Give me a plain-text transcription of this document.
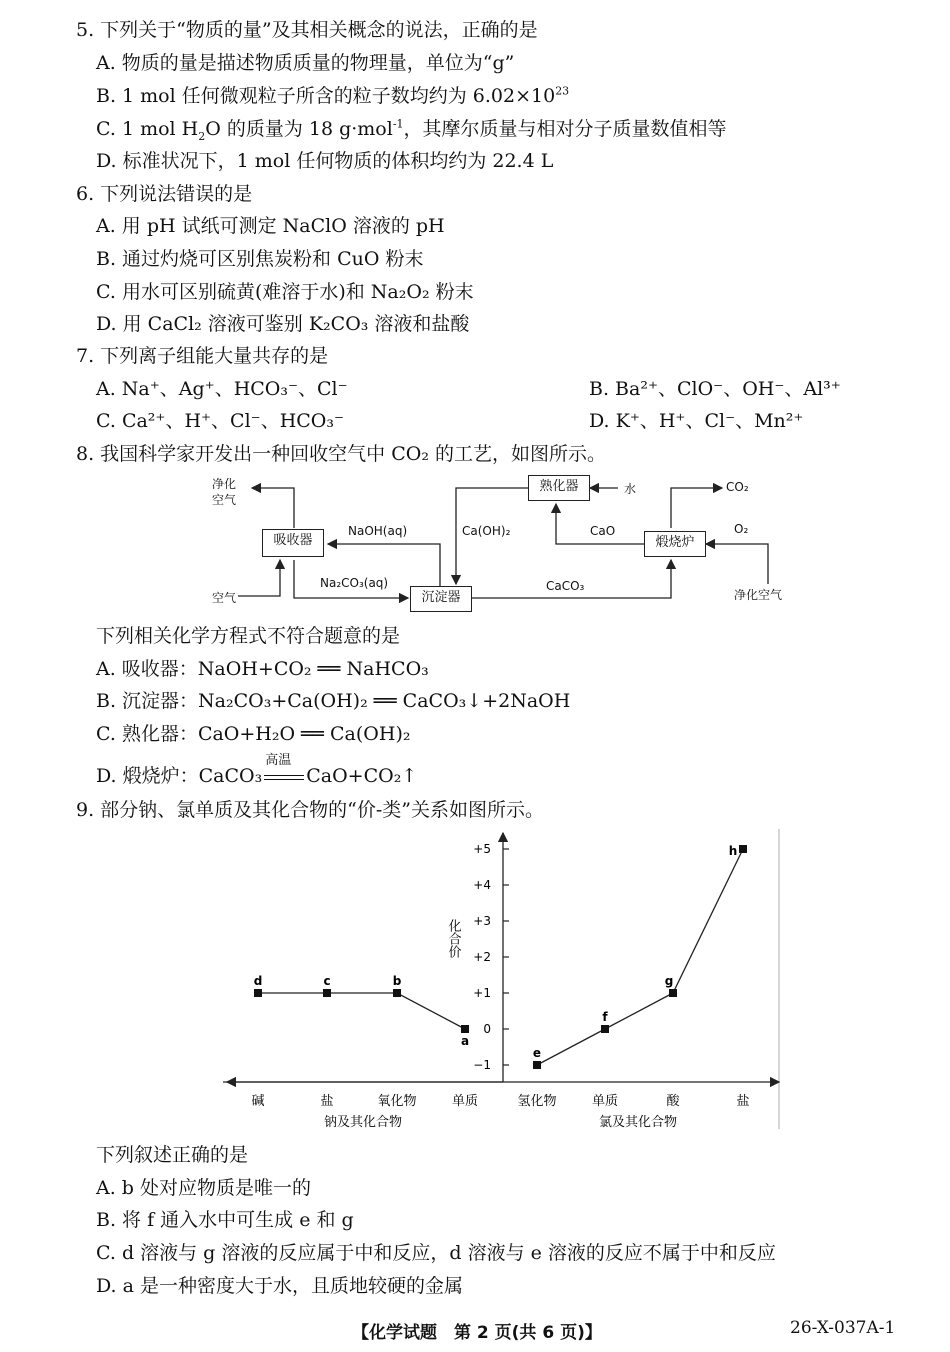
5. 下列关于“物质的量”及其相关概念的说法，正确的是
A. 物质的量是描述物质质量的物理量，单位为“g”
B. 1 mol 任何微观粒子所含的粒子数均约为 $6.02\times 10^{23}$
C. 1 mol $H_2O$ 的质量为 18 g·mol$^{-1}$，其摩尔质量与相对分子质量数值相等
D. 标准状况下，1 mol 任何物质的体积均约为 22.4 L
6. 下列说法错误的是
A. 用 pH 试纸可测定 NaClO 溶液的 pH
B. 通过灼烧可区别焦炭粉和 CuO 粉末
C. 用水可区别硫黄(难溶于水)和 Na₂O₂ 粉末
D. 用 CaCl₂ 溶液可鉴别 K₂CO₃ 溶液和盐酸
7. 下列离子组能大量共存的是
A. Na⁺、Ag⁺、HCO₃⁻、Cl⁻	B. Ba²⁺、ClO⁻、OH⁻、Al³⁺
C. Ca²⁺、H⁺、Cl⁻、HCO₃⁻	D. K⁺、H⁺、Cl⁻、Mn²⁺
8. 我国科学家开发出一种回收空气中 CO₂ 的工艺，如图所示。
吸收器
沉淀器
熟化器
煅烧炉
净化
空气
空气
NaOH(aq)
Na₂CO₃(aq)
Ca(OH)₂
CaCO₃
CaO
水	CO₂
O₂
净化空气
下列相关化学方程式不符合题意的是
A. 吸收器：NaOH+CO₂ ══ NaHCO₃
B. 沉淀器：Na₂CO₃+Ca(OH)₂ ══ CaCO₃↓+2NaOH
C. 熟化器：CaO+H₂O ══ Ca(OH)₂
D. 煅烧炉：CaCO₃
高温
CaO+CO₂↑
9. 部分钠、氯单质及其化合物的“价-类”关系如图所示。
化合价
+5
+4
+3
+2
+1
0
−1
碱	盐	氧化物	单质	氢化物	单质	酸	盐
d	c	b
a
e
f
g
h
钠及其化合物	氯及其化合物
下列叙述正确的是
A. b 处对应物质是唯一的
B. 将 f 通入水中可生成 e 和 g
C. d 溶液与 g 溶液的反应属于中和反应，d 溶液与 e 溶液的反应不属于中和反应
D. a 是一种密度大于水，且质地较硬的金属
【化学试题　第 2 页(共 6 页)】	26-X-037A-1
